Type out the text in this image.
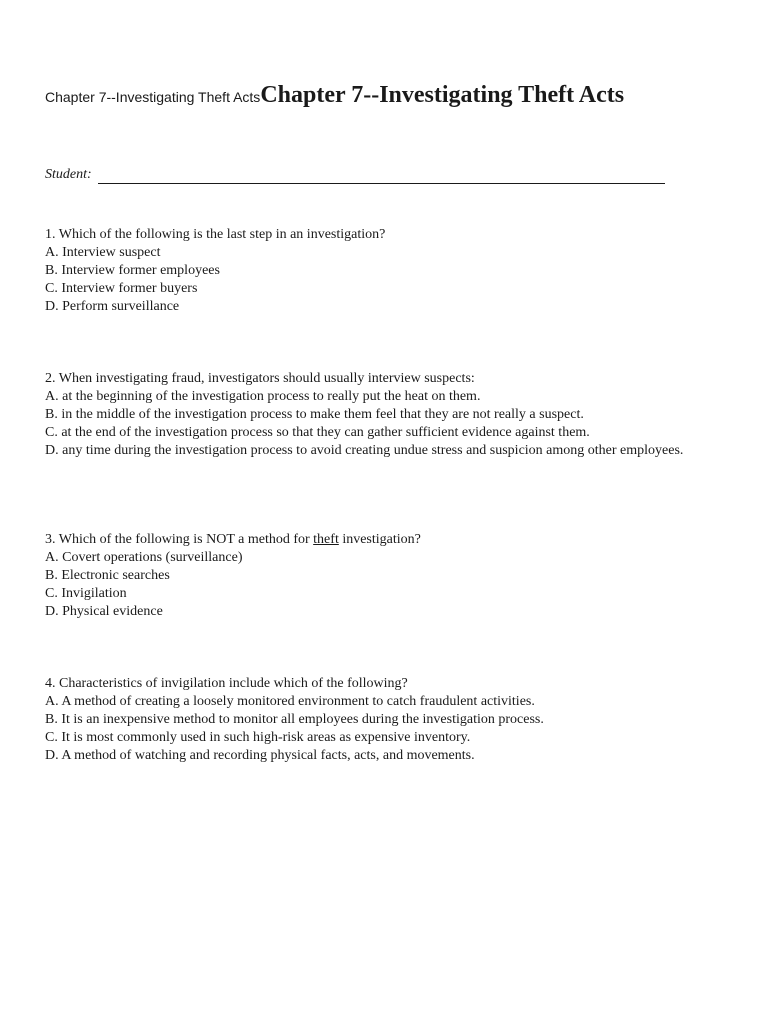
Chapter 7--Investigating Theft ActsChapter 7--Investigating Theft Acts
Student:
1. Which of the following is the last step in an investigation?
A. Interview suspect
B. Interview former employees
C. Interview former buyers
D. Perform surveillance
2. When investigating fraud, investigators should usually interview suspects:
A. at the beginning of the investigation process to really put the heat on them.
B. in the middle of the investigation process to make them feel that they are not really a suspect.
C. at the end of the investigation process so that they can gather sufficient evidence against them.
D. any time during the investigation process to avoid creating undue stress and suspicion among other employees.
3. Which of the following is NOT a method for theft investigation?
A. Covert operations (surveillance)
B. Electronic searches
C. Invigilation
D. Physical evidence
4. Characteristics of invigilation include which of the following?
A. A method of creating a loosely monitored environment to catch fraudulent activities.
B. It is an inexpensive method to monitor all employees during the investigation process.
C. It is most commonly used in such high-risk areas as expensive inventory.
D. A method of watching and recording physical facts, acts, and movements.
